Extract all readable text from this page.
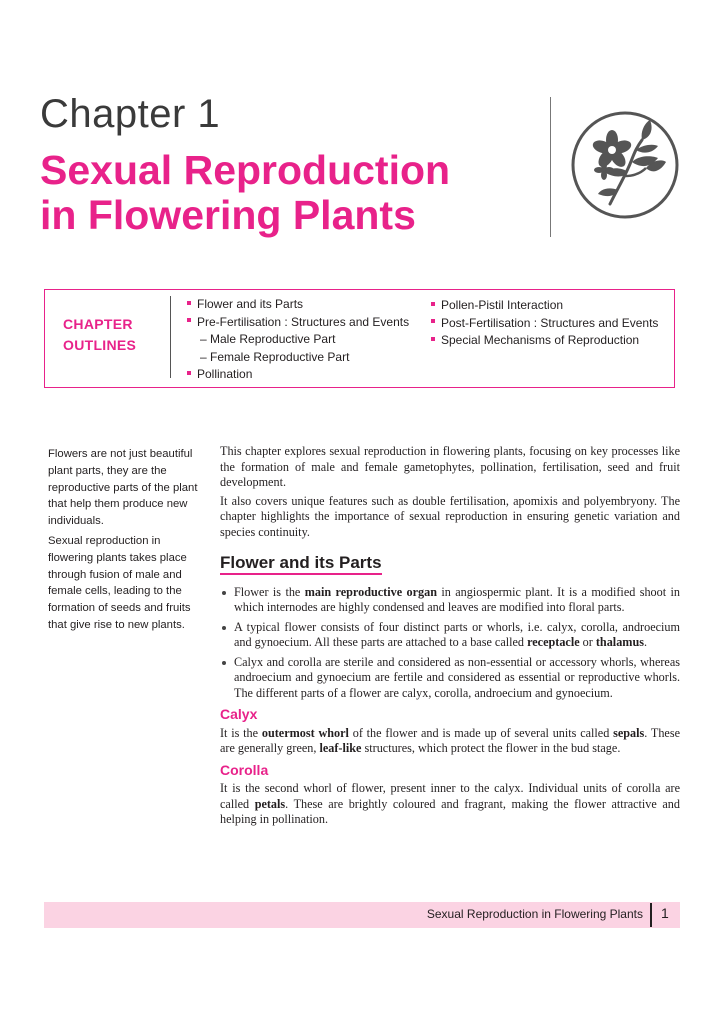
Chapter 1
Sexual Reproduction
in Flowering Plants
CHAPTER
OUTLINES
Flower and its Parts
Pre-Fertilisation : Structures and Events
– Male Reproductive Part
– Female Reproductive Part
Pollination
Pollen-Pistil Interaction
Post-Fertilisation : Structures and Events
Special Mechanisms of Reproduction

Flowers are not just beautiful plant parts, they are the reproductive parts of the plant that help them produce new individuals.

Sexual reproduction in flowering plants takes place through fusion of male and female cells, leading to the formation of seeds and fruits that give rise to new plants.

This chapter explores sexual reproduction in flowering plants, focusing on key processes like the formation of male and female gametophytes, pollination, fertilisation, seed and fruit development.

It also covers unique features such as double fertilisation, apomixis and polyembryony. The chapter highlights the importance of sexual reproduction in ensuring genetic variation and species continuity.

Flower and its Parts
Flower is the main reproductive organ in angiospermic plant. It is a modified shoot in which internodes are highly condensed and leaves are modified into floral parts.
A typical flower consists of four distinct parts or whorls, i.e. calyx, corolla, androecium and gynoecium. All these parts are attached to a base called receptacle or thalamus.
Calyx and corolla are sterile and considered as non-essential or accessory whorls, whereas androecium and gynoecium are fertile and considered as essential or reproductive whorls. The different parts of a flower are calyx, corolla, androecium and gynoecium.
Calyx

It is the outermost whorl of the flower and is made up of several units called sepals. These are generally green, leaf-like structures, which protect the flower in the bud stage.

Corolla

It is the second whorl of flower, present inner to the calyx. Individual units of corolla are called petals. These are brightly coloured and fragrant, making the flower attractive and helping in pollination.

Sexual Reproduction in Flowering Plants 1
